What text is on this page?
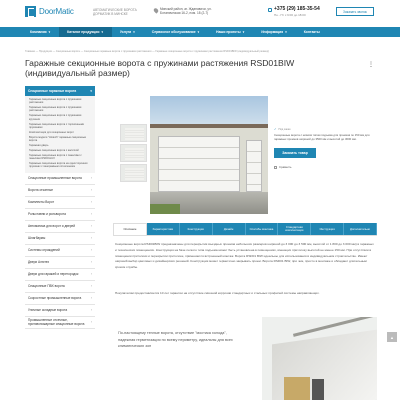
DoorMatic	АВТОМАТИЧЕСКИЕ ВОРОТА ДОРМАТИК В МИНСКЕ
Минский район, аг. Ждановичи, ул. Ботаническая 16-2, пом. 18 (2-7)
+375 (29) 185-35-54
Пн - Пт с 9:00 до 18:00
Заказать звонок
Компания ▾	Каталог продукции ▾	Услуги ▾	Сервисное обслуживание ▾	Наши проекты ▾	Информация ▾	Контакты
Главная — Продукция — Секционные ворота — Секционные гаражные ворота с пружинами растяжения — Гаражные секционные ворота с пружинами растяжения RSD01BIW (индивидуальный размер)
Гаражные секционные ворота с пружинами растяжения RSD01BIW (индивидуальный размер)
⋮
Секционные гаражные ворота	▾
Гаражные секционные ворота с пружинами растяжения
Гаражные секционные ворота с пружинами растяжения
Гаражные секционные ворота с пружинами кручения
Гаражные секционные ворота с торсионными пружинами
Комплектация для секционных ворот
Ворота модели "Alutech" гаражные секционные ворота
Гаражная дверь
Гаражные секционные ворота с калиткой
Гаражные секционные ворота с панелями с панелями RSD01LUX
Гаражные секционные ворота на односторонних пружинах с панорамным остеклением
Секционные промышленные ворота	›
Ворота откатные	›
Комплекты Ворот	›
Рольставни и рольворота	›
Автоматика для ворот и дверей	›
Шлагбаумы	›
Системы ограждений	›
Двери Алютех	›
Двери для гаражей и перегородок	›
Секционные ПВХ ворота	›
Скоростные промышленные ворота	›
Уличные складные ворота	›
Промышленные отсечные, противопожарные секционные ворота	›
✓ Под заказ
Секционные ворота с низким типом подъема для проемов по 150 мм для гаражных проемов шириной до 3500 мм и высотой до 3000 мм.
Заказать товар
Сравнить
Описание	Характеристики	Конструкция	Дизайн	Способы монтажа	Стандартная комплектация	Инструкция	Дополнительно
Секционные ворота RSD01BIW предназначены для перекрытия въездных проемов небольших размеров шириной до 3 000 до 3 500 мм, высотой от 1 800 до 3 000 мм) в гаражных и технических помещениях. Конструкция на базе легкого типа подъема может быть установлена в помещениях, имеющих притолоку высотой не менее 150 мм. При отсутствии в помещении притолоки и перекрытии притолоке, применяется встроенный монтаж. Ворота RSD01 BIW идеальны для использования в индивидуальном строительстве. Имеют широкий выбор цветовых и дизайнерских решений. Конструкция может герметично закрывать проем. Ворота RSD01 BIW, при чем, просто в монтаже и обладают длительным сроком службы.
Покупателям предоставляется 10 лет гарантии на отсутствие сквозной коррозии стандартных и стальных профилей системы направляющих.
По-настоящему теплые ворота, отсутствие "мостика холода", надежная герметизация по всему периметру, идеальны для всех климатических зон
▲
